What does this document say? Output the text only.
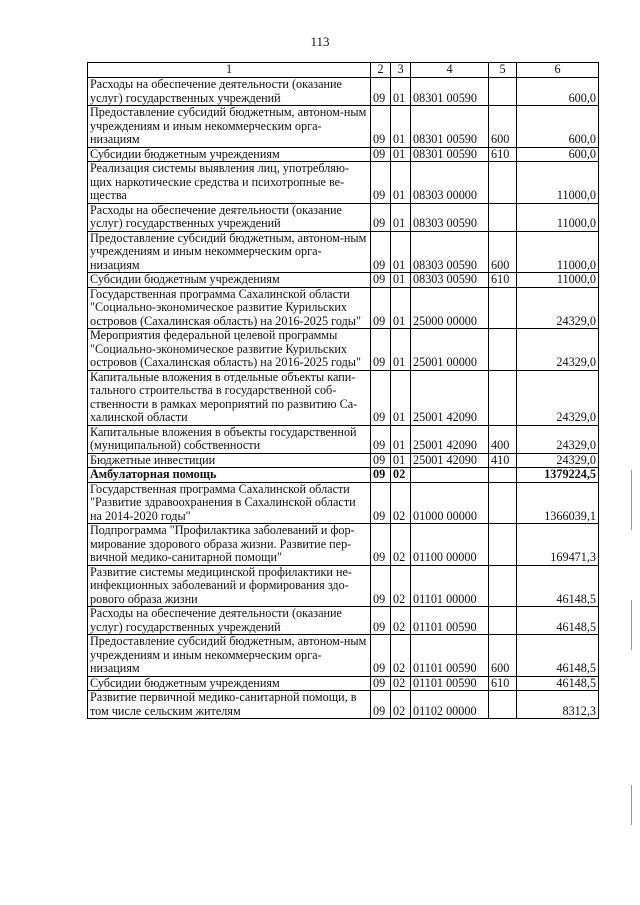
113
1	2	3	4	5	6
Расходы на обеспечение деятельности (оказание услуг) государственных учреждений	09	01	08301 00590		600,0
Предоставление субсидий бюджетным, автоном-ным учреждениям и иным некоммерческим орга-низациям	09	01	08301 00590	600	600,0
Субсидии бюджетным учреждениям	09	01	08301 00590	610	600,0
Реализация системы выявления лиц, употребляю-щих наркотические средства и психотропные ве-щества	09	01	08303 00000		11000,0
Расходы на обеспечение деятельности (оказание услуг) государственных учреждений	09	01	08303 00590		11000,0
Предоставление субсидий бюджетным, автоном-ным учреждениям и иным некоммерческим орга-низациям	09	01	08303 00590	600	11000,0
Субсидии бюджетным учреждениям	09	01	08303 00590	610	11000,0
Государственная программа Сахалинской области "Социально-экономическое развитие Курильских островов (Сахалинская область) на 2016-2025 годы"	09	01	25000 00000		24329,0
Мероприятия федеральной целевой программы "Социально-экономическое развитие Курильских островов (Сахалинская область) на 2016-2025 годы"	09	01	25001 00000		24329,0
Капитальные вложения в отдельные объекты капи-тального строительства в государственной соб-ственности в рамках мероприятий по развитию Са-халинской области	09	01	25001 42090		24329,0
Капитальные вложения в объекты государственной (муниципальной) собственности	09	01	25001 42090	400	24329,0
Бюджетные инвестиции	09	01	25001 42090	410	24329,0
Амбулаторная помощь	09	02			1379224,5
Государственная программа Сахалинской области "Развитие здравоохранения в Сахалинской области на 2014-2020 годы"	09	02	01000 00000		1366039,1
Подпрограмма "Профилактика заболеваний и фор-мирование здорового образа жизни. Развитие пер-вичной медико-санитарной помощи"	09	02	01100 00000		169471,3
Развитие системы медицинской профилактики не-инфекционных заболеваний и формирования здо-рового образа жизни	09	02	01101 00000		46148,5
Расходы на обеспечение деятельности (оказание услуг) государственных учреждений	09	02	01101 00590		46148,5
Предоставление субсидий бюджетным, автоном-ным учреждениям и иным некоммерческим орга-низациям	09	02	01101 00590	600	46148,5
Субсидии бюджетным учреждениям	09	02	01101 00590	610	46148,5
Развитие первичной медико-санитарной помощи, в том числе сельским жителям	09	02	01102 00000		8312,3
